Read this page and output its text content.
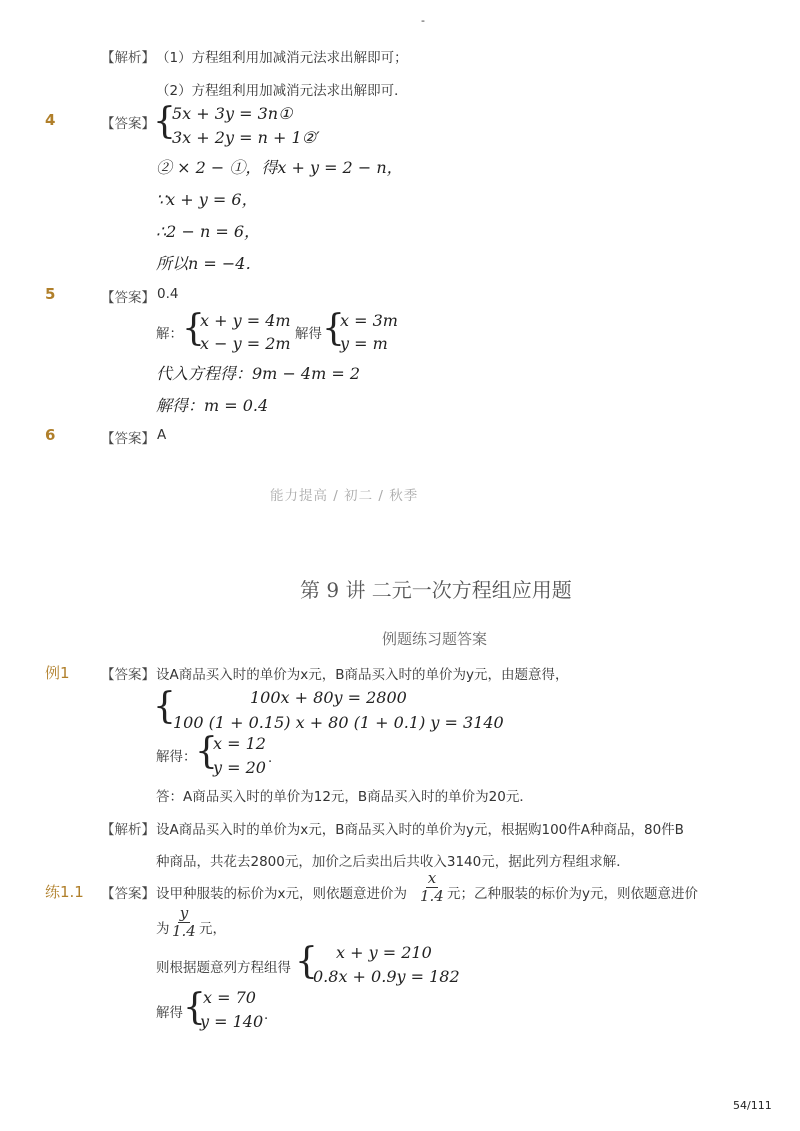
-
【解析】 （1）方程组利用加减消元法求出解即可；
（2）方程组利用加减消元法求出解即可．
4	【答案】
{
5x + 3y = 3n①
3x + 2y = n + 1②′
② × 2 − ①，得x + y = 2 − n，
∵x + y = 6，
∴2 − n = 6，
所以n = −4．
5	【答案】 0.4
解： {
x + y = 4m
x − y = 2m 解得 {
x = 3m
y = m
代入方程得：9m − 4m = 2
解得：m = 0.4
6	【答案】 A
能力提高 / 初二 / 秋季
第 9 讲 二元一次方程组应用题
例题练习题答案
例1 【答案】 设A商品买入时的单价为x元，B商品买入时的单价为y元，由题意得，
{	100x + 80y = 2800
100 (1 + 0.15) x + 80 (1 + 0.1) y = 3140
解得：
{
x = 12
y = 20 ．
答：A商品买入时的单价为12元，B商品买入时的单价为20元．
【解析】 设A商品买入时的单价为x元，B商品买入时的单价为y元，根据购100件A种商品，80件B
种商品，共花去2800元，加价之后卖出后共收入3140元，据此列方程组求解．
练1.1 【答案】 设甲种服装的标价为x元，则依题意进价为 $\frac{x}{1.4}$ 元；乙种服装的标价为y元，则依题意进价
为 $\frac{y}{1.4}$ 元，
则根据题意列方程组得 { x + y = 210
0.8x + 0.9y = 182
解得 {
x = 70
y = 140 ．
54/111
